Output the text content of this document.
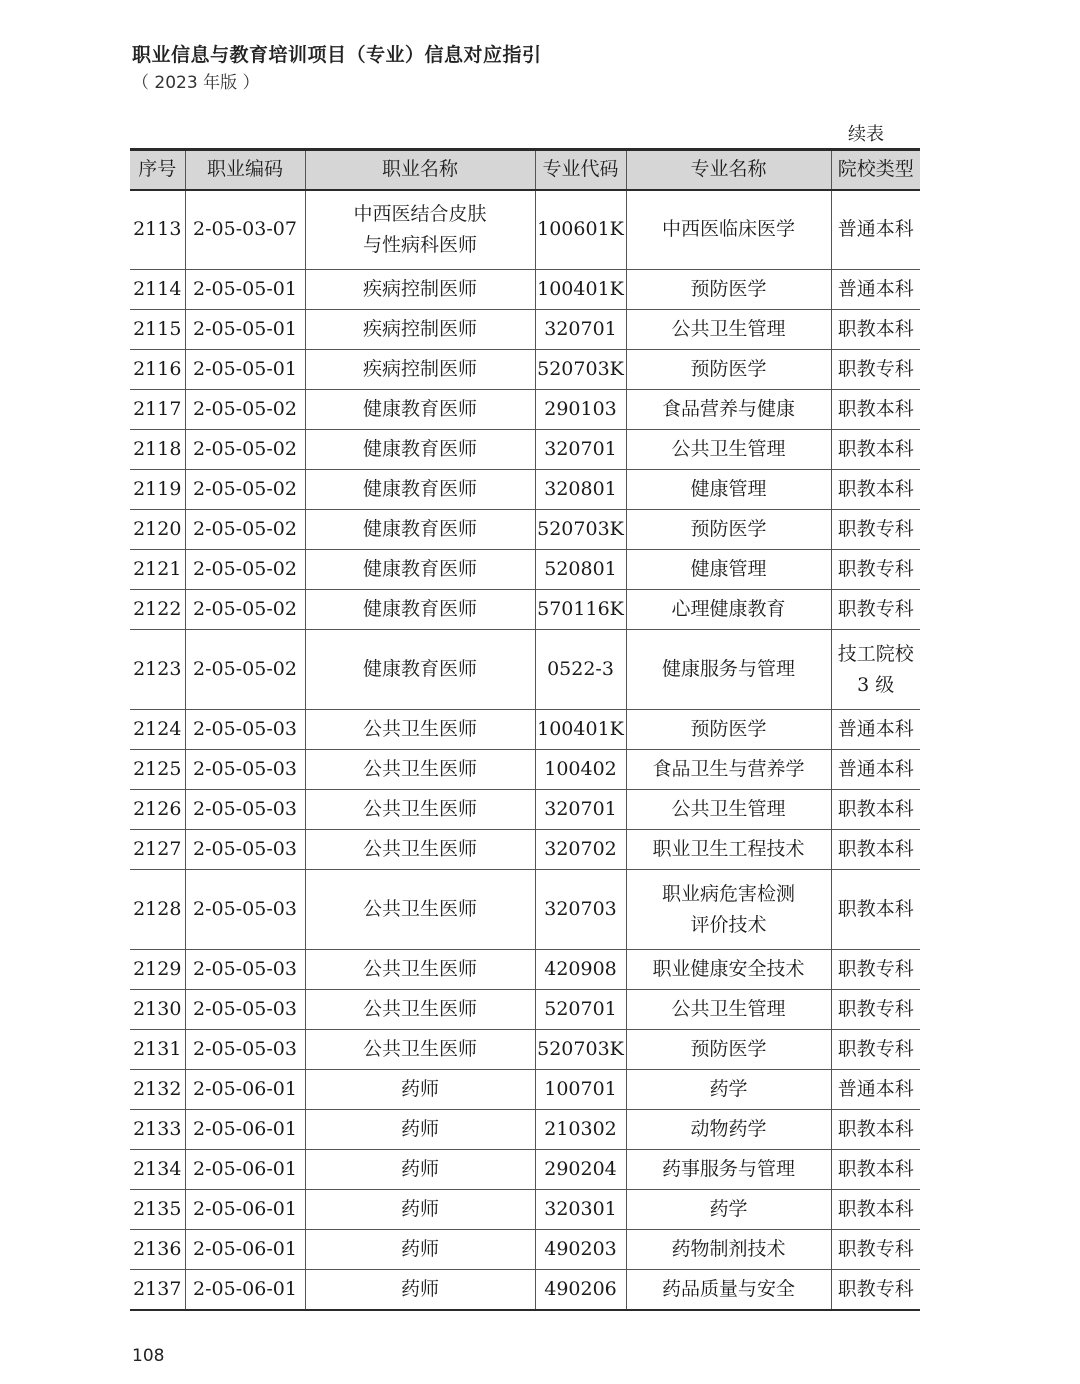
职业信息与教育培训项目（专业）信息对应指引
（ 2023 年版 ）
续表
序号	职业编码	职业名称	专业代码	专业名称	院校类型
2113	2-05-03-07	中西医结合皮肤
与性病科医师	100601K	中西医临床医学	普通本科
2114	2-05-05-01	疾病控制医师	100401K	预防医学	普通本科
2115	2-05-05-01	疾病控制医师	320701	公共卫生管理	职教本科
2116	2-05-05-01	疾病控制医师	520703K	预防医学	职教专科
2117	2-05-05-02	健康教育医师	290103	食品营养与健康	职教本科
2118	2-05-05-02	健康教育医师	320701	公共卫生管理	职教本科
2119	2-05-05-02	健康教育医师	320801	健康管理	职教本科
2120	2-05-05-02	健康教育医师	520703K	预防医学	职教专科
2121	2-05-05-02	健康教育医师	520801	健康管理	职教专科
2122	2-05-05-02	健康教育医师	570116K	心理健康教育	职教专科
2123	2-05-05-02	健康教育医师	0522-3	健康服务与管理	技工院校
3 级
2124	2-05-05-03	公共卫生医师	100401K	预防医学	普通本科
2125	2-05-05-03	公共卫生医师	100402	食品卫生与营养学	普通本科
2126	2-05-05-03	公共卫生医师	320701	公共卫生管理	职教本科
2127	2-05-05-03	公共卫生医师	320702	职业卫生工程技术	职教本科
2128	2-05-05-03	公共卫生医师	320703	职业病危害检测
评价技术	职教本科
2129	2-05-05-03	公共卫生医师	420908	职业健康安全技术	职教专科
2130	2-05-05-03	公共卫生医师	520701	公共卫生管理	职教专科
2131	2-05-05-03	公共卫生医师	520703K	预防医学	职教专科
2132	2-05-06-01	药师	100701	药学	普通本科
2133	2-05-06-01	药师	210302	动物药学	职教本科
2134	2-05-06-01	药师	290204	药事服务与管理	职教本科
2135	2-05-06-01	药师	320301	药学	职教本科
2136	2-05-06-01	药师	490203	药物制剂技术	职教专科
2137	2-05-06-01	药师	490206	药品质量与安全	职教专科
108
